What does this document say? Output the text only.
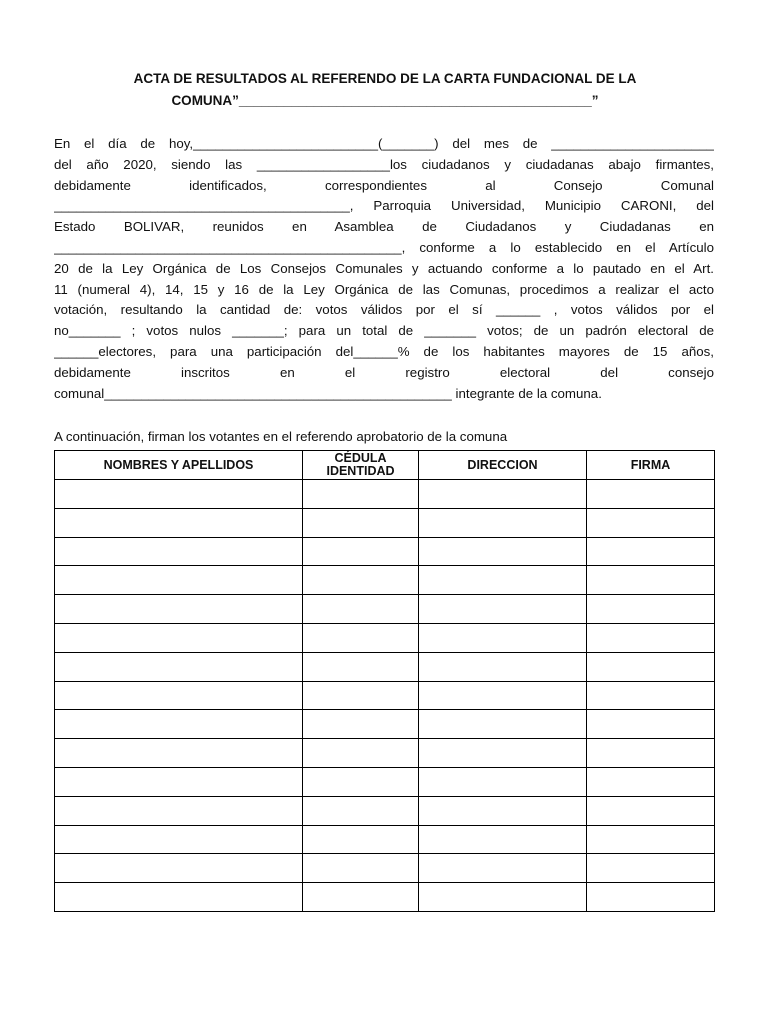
ACTA DE RESULTADOS AL REFERENDO DE LA CARTA FUNDACIONAL DE LA
COMUNA”_______________________________________________”
En el día de hoy,_________________________(_______) del mes de ______________________
del año 2020, siendo las __________________los ciudadanos y ciudadanas abajo firmantes,
debidamente identificados, correspondientes al Consejo Comunal
________________________________________, Parroquia Universidad, Municipio CARONI, del
Estado BOLIVAR, reunidos en Asamblea de Ciudadanos y Ciudadanas en
_______________________________________________, conforme a lo establecido en el Artículo
20 de la Ley Orgánica de Los Consejos Comunales y actuando conforme a lo pautado en el Art.
11 (numeral 4), 14, 15 y 16 de la Ley Orgánica de las Comunas, procedimos a realizar el acto
votación, resultando la cantidad de: votos válidos por el sí ______ , votos válidos por el
no_______ ; votos nulos _______; para un total de _______ votos; de un padrón electoral de
______electores, para una participación del______% de los habitantes mayores de 15 años,
debidamente inscritos en el registro electoral del consejo
comunal_______________________________________________ integrante de la comuna.
A continuación, firman los votantes en el referendo aprobatorio de la comuna
NOMBRES Y APELLIDOS	CÉDULA IDENTIDAD	DIRECCION	FIRMA
